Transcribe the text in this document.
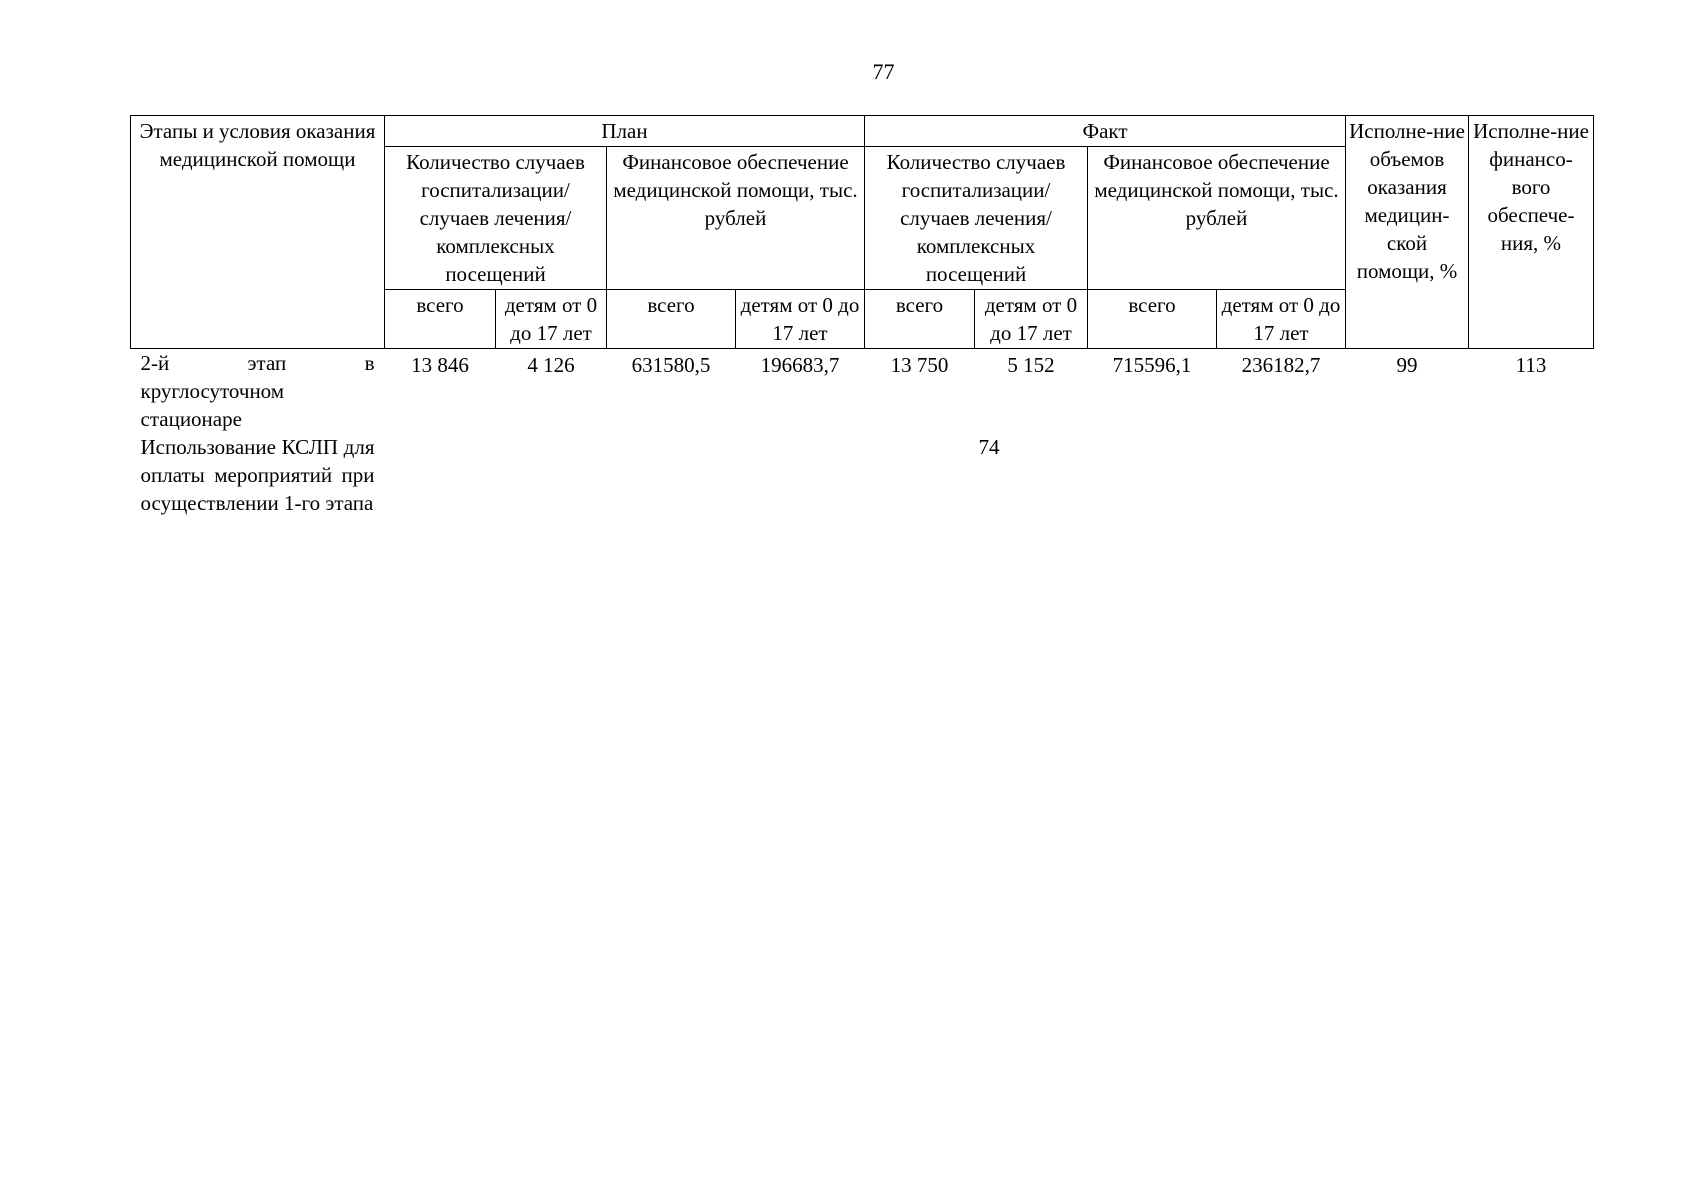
77
Этапы и условия оказания медицинской помощи	План				Факт				Исполне-ние объемов оказания медицин-ской помощи, %	Исполне-ние финансо-вого обеспече-ния, %
	Количество случаев госпитализации/ случаев лечения/ комплексных посещений		Финансовое обеспечение медицинской помощи, тыс. рублей		Количество случаев госпитализации/ случаев лечения/ комплексных посещений		Финансовое обеспечение медицинской помощи, тыс. рублей			
	всего	детям от 0 до 17 лет	всего	детям от 0 до 17 лет	всего	детям от 0 до 17 лет	всего	детям от 0 до 17 лет		
2-й этап в круглосуточном стационаре	13 846	4 126	631580,5	196683,7	13 750	5 152	715596,1	236182,7	99	113
Использование КСЛП для оплаты мероприятий при осуществлении 1-го этапа	74									
